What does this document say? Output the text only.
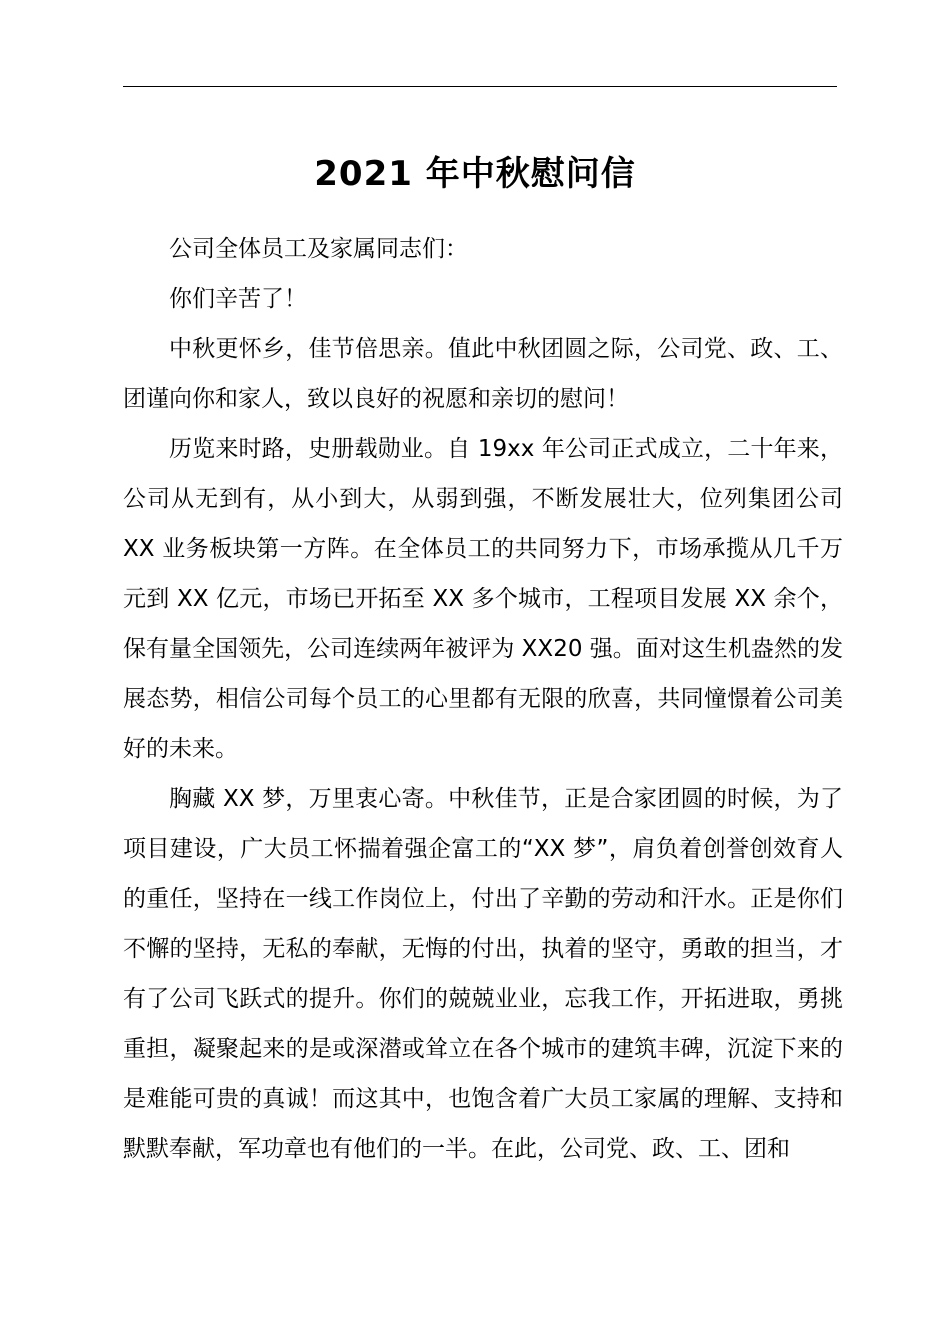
2021 年中秋慰问信

公司全体员工及家属同志们：

你们辛苦了！

中秋更怀乡，佳节倍思亲。值此中秋团圆之际，公司党、政、工、团谨向你和家人，致以良好的祝愿和亲切的慰问！

历览来时路，史册载勋业。自 19xx 年公司正式成立，二十年来，公司从无到有，从小到大，从弱到强，不断发展壮大，位列集团公司 XX 业务板块第一方阵。在全体员工的共同努力下，市场承揽从几千万元到 XX 亿元，市场已开拓至 XX 多个城市，工程项目发展 XX 余个，保有量全国领先，公司连续两年被评为 XX20 强。面对这生机盎然的发展态势，相信公司每个员工的心里都有无限的欣喜，共同憧憬着公司美好的未来。

胸藏 XX 梦，万里衷心寄。中秋佳节，正是合家团圆的时候，为了项目建设，广大员工怀揣着强企富工的“XX 梦”，肩负着创誉创效育人的重任，坚持在一线工作岗位上，付出了辛勤的劳动和汗水。正是你们不懈的坚持，无私的奉献，无悔的付出，执着的坚守，勇敢的担当，才有了公司飞跃式的提升。你们的兢兢业业，忘我工作，开拓进取，勇挑重担，凝聚起来的是或深潜或耸立在各个城市的建筑丰碑，沉淀下来的是难能可贵的真诚！而这其中，也饱含着广大员工家属的理解、支持和默默奉献，军功章也有他们的一半。在此，公司党、政、工、团和
